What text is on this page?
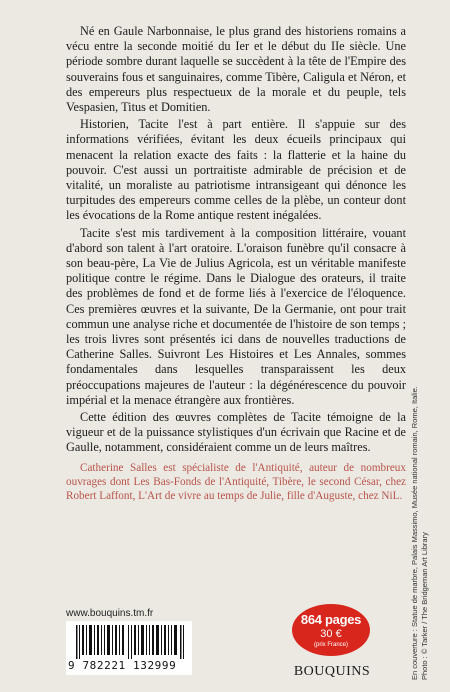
Né en Gaule Narbonnaise, le plus grand des historiens romains a vécu entre la seconde moitié du Ier et le début du IIe siècle. Une période sombre durant laquelle se succèdent à la tête de l'Empire des souverains fous et sanguinaires, comme Tibère, Caligula et Néron, et des empereurs plus respectueux de la morale et du peuple, tels Vespasien, Titus et Domitien.

Historien, Tacite l'est à part entière. Il s'appuie sur des informations vérifiées, évitant les deux écueils principaux qui menacent la relation exacte des faits : la flatterie et la haine du pouvoir. C'est aussi un portraitiste admirable de précision et de vitalité, un moraliste au patriotisme intransigeant qui dénonce les turpitudes des empereurs comme celles de la plèbe, un conteur dont les évocations de la Rome antique restent inégalées.

Tacite s'est mis tardivement à la composition littéraire, vouant d'abord son talent à l'art oratoire. L'oraison funèbre qu'il consacre à son beau-père, La Vie de Julius Agricola, est un véritable manifeste politique contre le régime. Dans le Dialogue des orateurs, il traite des problèmes de fond et de forme liés à l'exercice de l'éloquence. Ces premières œuvres et la suivante, De la Germanie, ont pour trait commun une analyse riche et documentée de l'histoire de son temps ; les trois livres sont présentés ici dans de nouvelles traductions de Catherine Salles. Suivront Les Histoires et Les Annales, sommes fondamentales dans lesquelles transparaissent les deux préoccupations majeures de l'auteur : la dégénérescence du pouvoir impérial et la menace étrangère aux frontières.

Cette édition des œuvres complètes de Tacite témoigne de la vigueur et de la puissance stylistiques d'un écrivain que Racine et de Gaulle, notamment, considéraient comme un de leurs maîtres.

Catherine Salles est spécialiste de l'Antiquité, auteur de nombreux ouvrages dont Les Bas-Fonds de l'Antiquité, Tibère, le second César, chez Robert Laffont, L'Art de vivre au temps de Julie, fille d'Auguste, chez NiL.	En couverture : Statue de marbre, Palais Massimo, Musée national romain, Rome, Italie. Photo : © Tarker / The Bridgeman Art Library
www.bouquins.tm.fr
9 782221 132999
864 pages
30 €
(prix France)
BOUQUINS
